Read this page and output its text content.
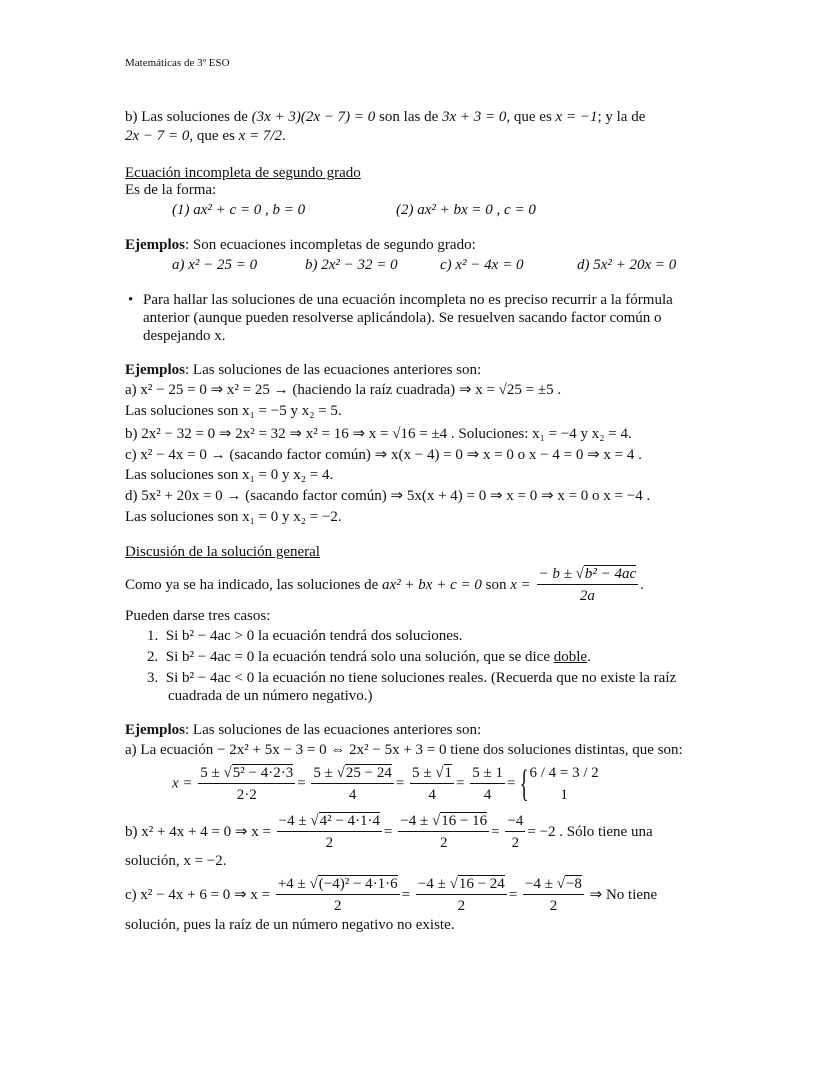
Matemáticas de 3º ESO
b) Las soluciones de (3x + 3)(2x − 7) = 0 son las de 3x + 3 = 0, que es x = −1; y la de
2x − 7 = 0, que es x = 7/2.
Ecuación incompleta de segundo grado
Es de la forma:
(1) ax² + c = 0 , b = 0	(2) ax² + bx = 0 , c = 0
Ejemplos: Son ecuaciones incompletas de segundo grado:
a) x² − 25 = 0	b) 2x² − 32 = 0	c) x² − 4x = 0	d) 5x² + 20x = 0
• Para hallar las soluciones de una ecuación incompleta no es preciso recurrir a la fórmula
anterior (aunque pueden resolverse aplicándola). Se resuelven sacando factor común o
despejando x.
Ejemplos: Las soluciones de las ecuaciones anteriores son:
a) x² − 25 = 0 ⇒ x² = 25 → (haciendo la raíz cuadrada) ⇒ x = √25 = ±5 .
Las soluciones son x₁ = −5 y x₂ = 5.
b) 2x² − 32 = 0 ⇒ 2x² = 32 ⇒ x² = 16 ⇒ x = √16 = ±4 . Soluciones: x₁ = −4 y x₂ = 4.
c) x² − 4x = 0 → (sacando factor común) ⇒ x(x − 4) = 0 ⇒ x = 0 o x − 4 = 0 ⇒ x = 4 .
Las soluciones son x₁ = 0 y x₂ = 4.
d) 5x² + 20x = 0 → (sacando factor común) ⇒ 5x(x + 4) = 0 ⇒ x = 0 ⇒ x = 0 o x = −4 .
Las soluciones son x₁ = 0 y x₂ = −2.
Discusión de la solución general
Como ya se ha indicado, las soluciones de ax² + bx + c = 0 son $x = \frac{\text{− b ± √b² − 4ac}}{2a}$ .
Pueden darse tres casos:
1. Si b² − 4ac > 0 la ecuación tendrá dos soluciones.
2. Si b² − 4ac = 0 la ecuación tendrá solo una solución, que se dice doble.
3. Si b² − 4ac < 0 la ecuación no tiene soluciones reales. (Recuerda que no existe la raíz
cuadrada de un número negativo.)
Ejemplos: Las soluciones de las ecuaciones anteriores son:
a) La ecuación − 2x² + 5x − 3 = 0 ⇔ 2x² − 5x + 3 = 0 tiene dos soluciones distintas, que son:
$x = \frac{\text{5 ± √5² − 4·2·3}}{2\cdot 2} = \frac{5 \pm √25 - 24}{4} = \frac{5 \pm √1}{4} = \frac{5 \pm 1}{4}$ = { 6 / 4 = 3 / 2
1
b) x² + 4x + 4 = 0 ⇒ $x = \frac{\text{−4 ± √4² − 4·1·4}}{2} = \frac{-4 \pm √16 - 16}{2} = \frac{-4}{2} = -2$ . Sólo tiene una
solución, x = −2.
c) x² − 4x + 6 = 0 ⇒ $x = \frac{\text{+4 ± √(−4)² − 4·1·6}}{2} = \frac{-4 \pm √16 - 24}{2} = \frac{-4 \pm √-8}{2}$ ⇒ No tiene
solución, pues la raíz de un número negativo no existe.
